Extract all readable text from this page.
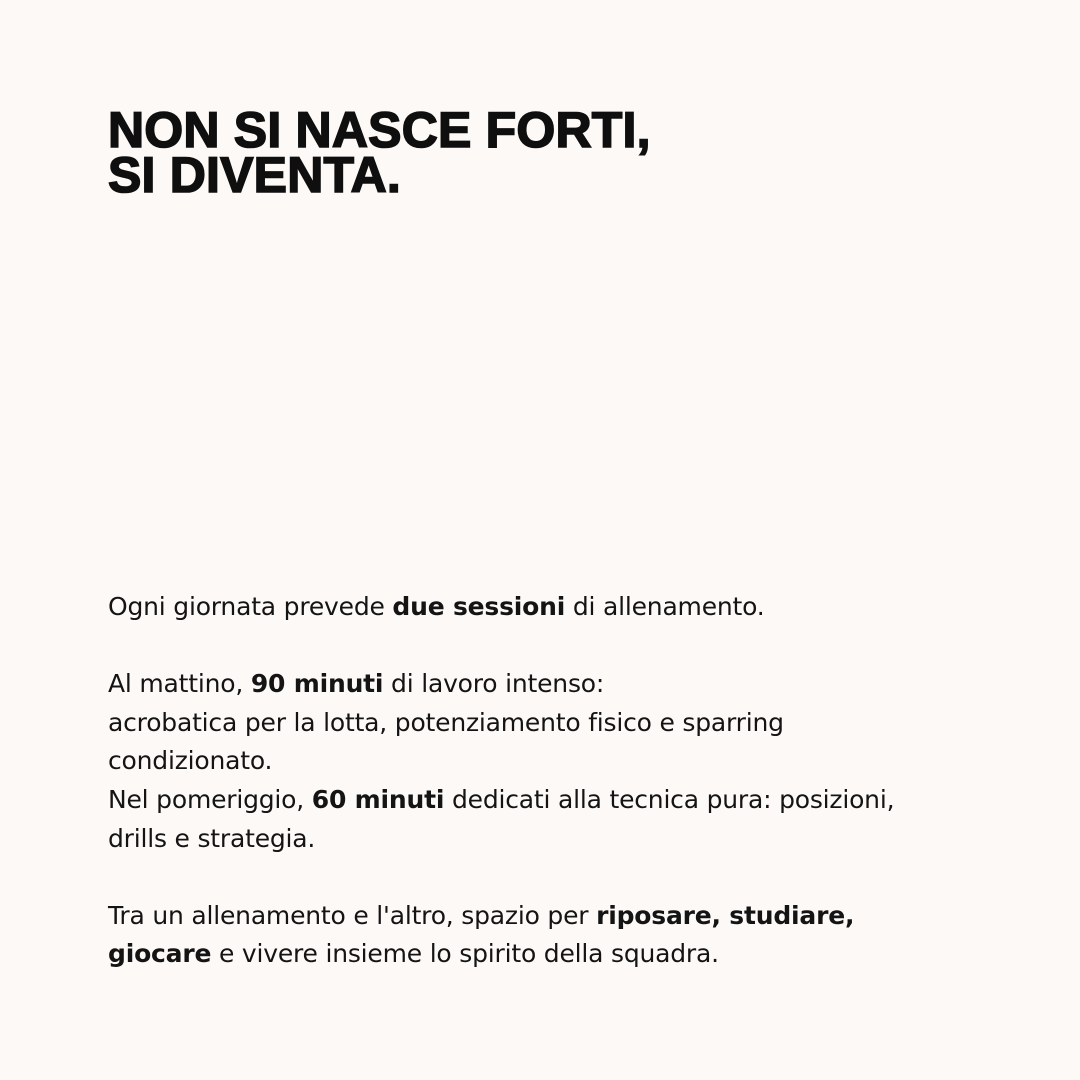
NON SI NASCE FORTI,
SI DIVENTA.

Ogni giornata prevede due sessioni di allenamento.

Al mattino, 90 minuti di lavoro intenso:
acrobatica per la lotta, potenziamento fisico e sparring condizionato.
Nel pomeriggio, 60 minuti dedicati alla tecnica pura: posizioni, drills e strategia.

Tra un allenamento e l'altro, spazio per riposare, studiare, giocare e vivere insieme lo spirito della squadra.
